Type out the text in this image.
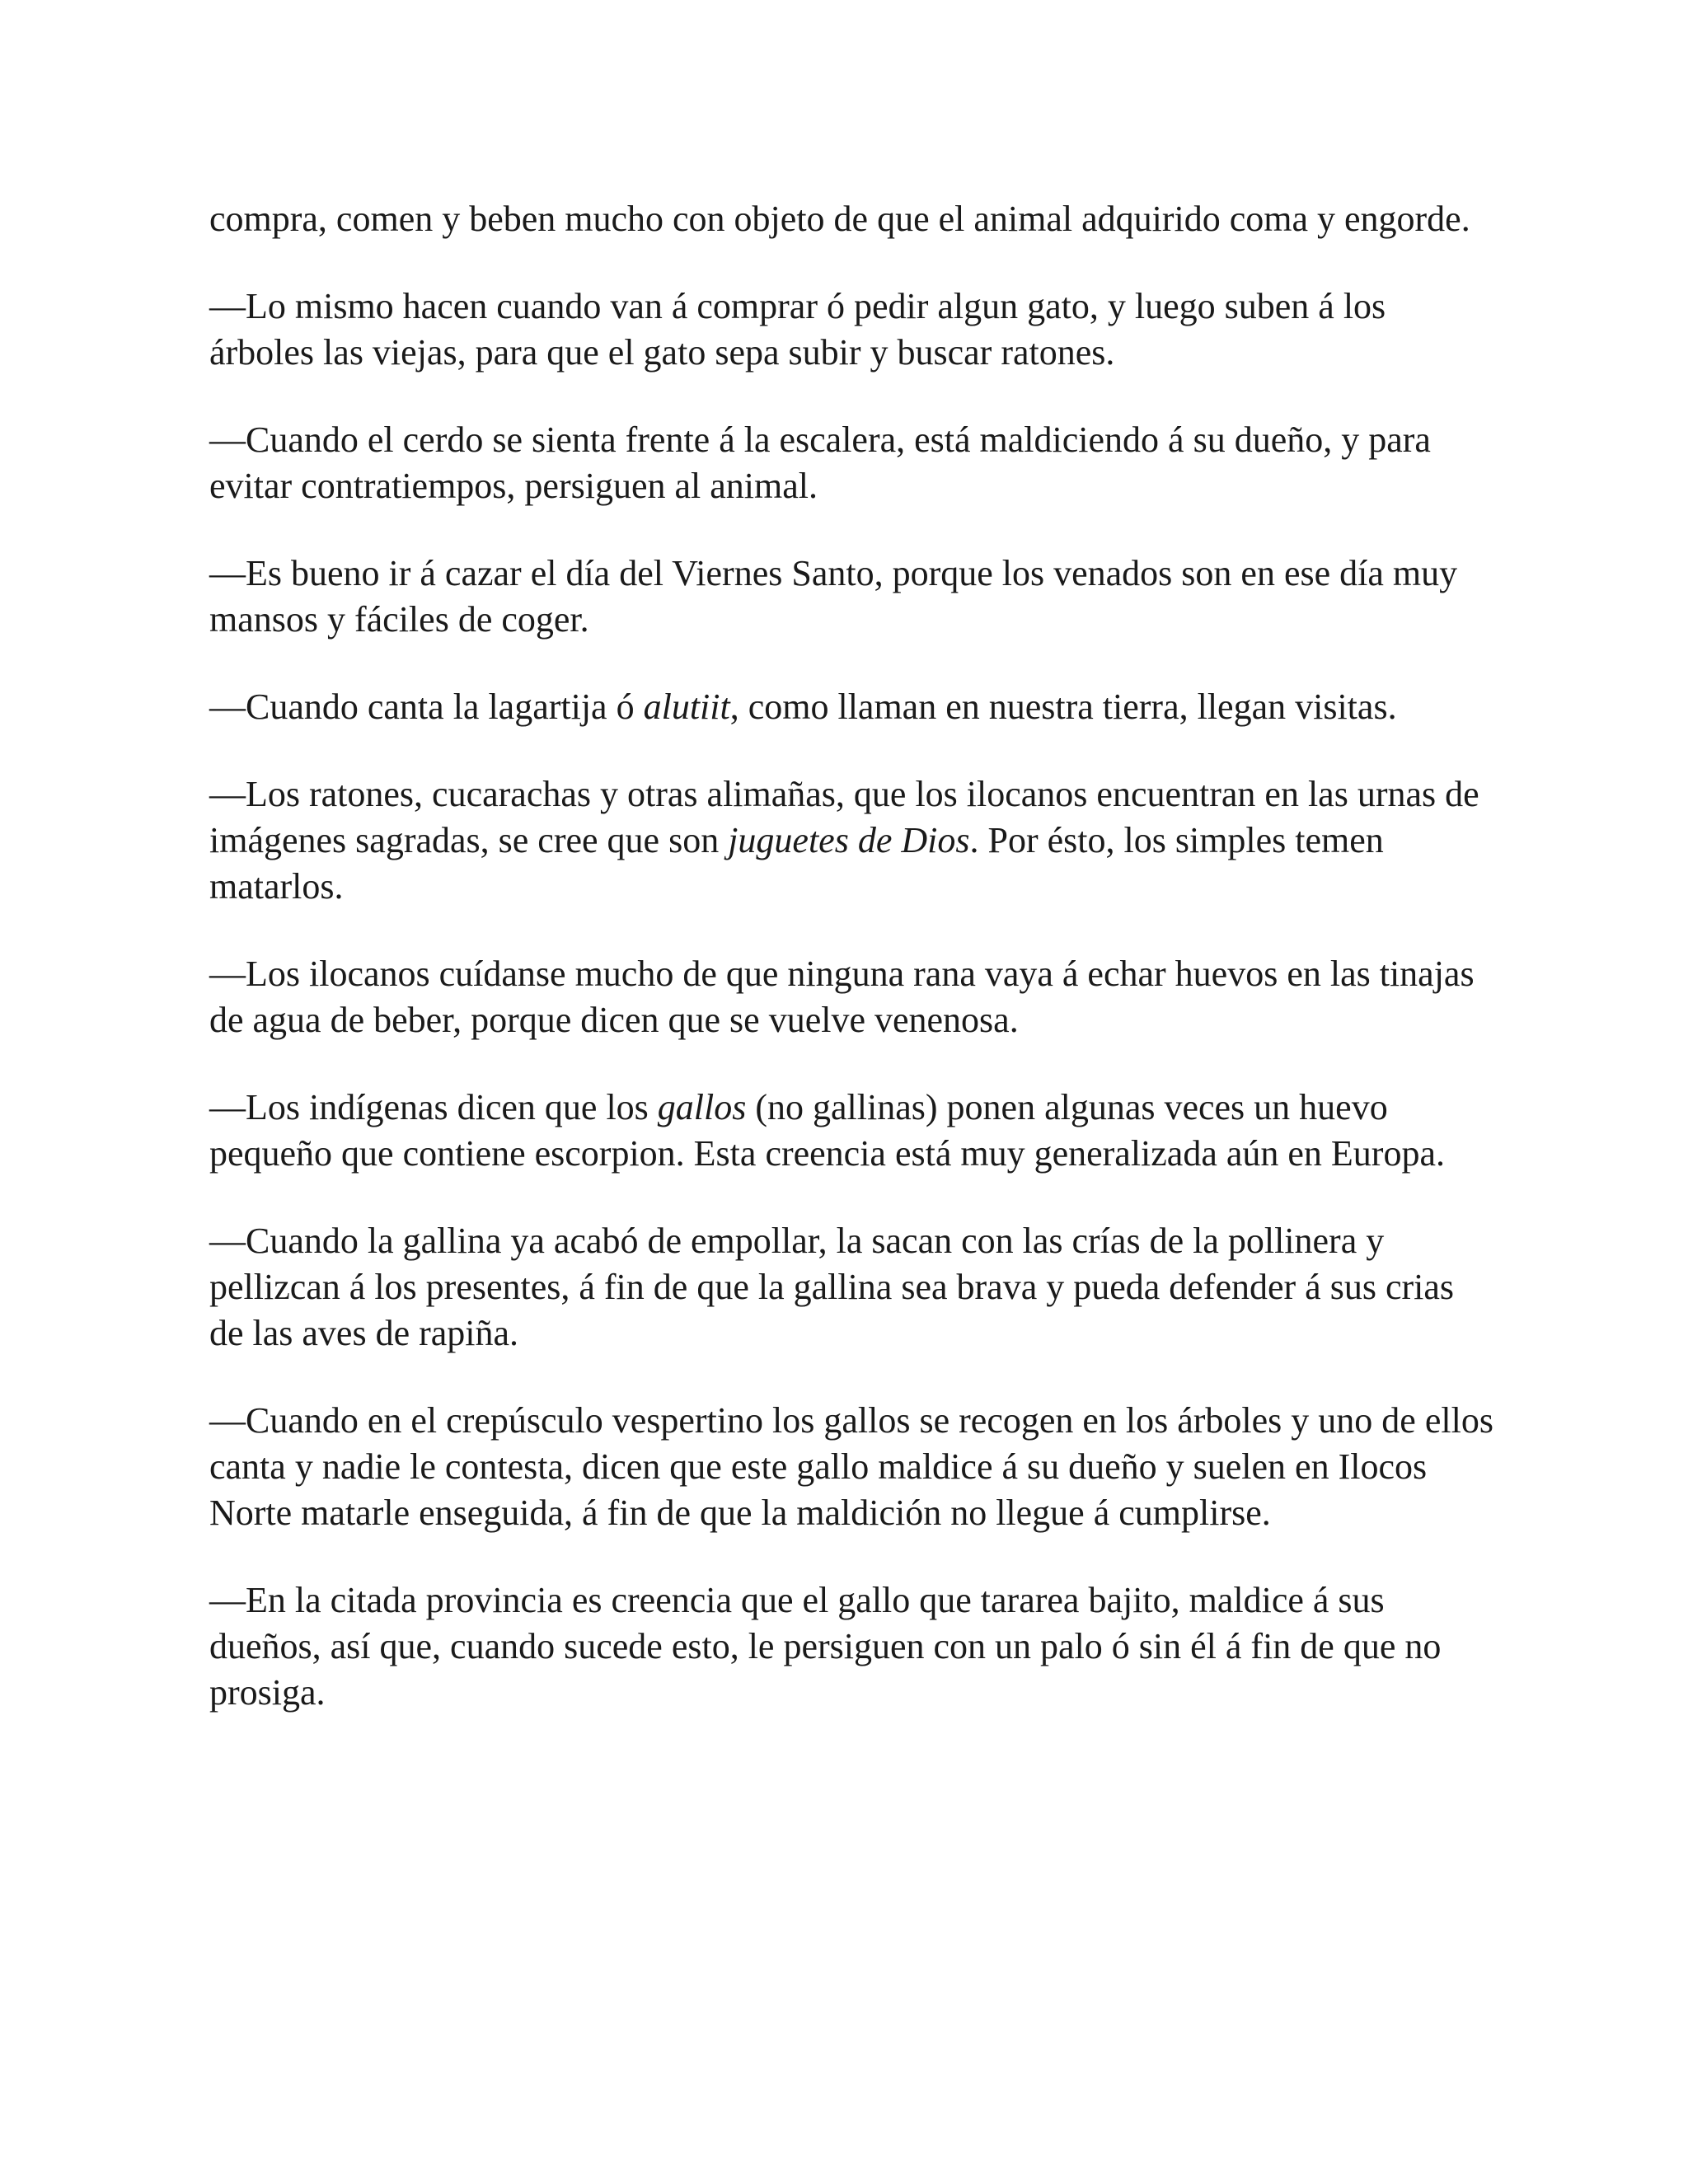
compra, comen y beben mucho con objeto de que el animal adquirido coma y engorde.

—Lo mismo hacen cuando van á comprar ó pedir algun gato, y luego suben á los árboles las viejas, para que el gato sepa subir y buscar ratones.

—Cuando el cerdo se sienta frente á la escalera, está maldiciendo á su dueño, y para evitar contratiempos, persiguen al animal.

—Es bueno ir á cazar el día del Viernes Santo, porque los venados son en ese día muy mansos y fáciles de coger.

—Cuando canta la lagartija ó alutiit, como llaman en nuestra tierra, llegan visitas.

—Los ratones, cucarachas y otras alimañas, que los ilocanos encuentran en las urnas de imágenes sagradas, se cree que son juguetes de Dios. Por ésto, los simples temen matarlos.

—Los ilocanos cuídanse mucho de que ninguna rana vaya á echar huevos en las tinajas de agua de beber, porque dicen que se vuelve venenosa.

—Los indígenas dicen que los gallos (no gallinas) ponen algunas veces un huevo pequeño que contiene escorpion. Esta creencia está muy generalizada aún en Europa.

—Cuando la gallina ya acabó de empollar, la sacan con las crías de la pollinera y pellizcan á los presentes, á fin de que la gallina sea brava y pueda defender á sus crias de las aves de rapiña.

—Cuando en el crepúsculo vespertino los gallos se recogen en los árboles y uno de ellos canta y nadie le contesta, dicen que este gallo maldice á su dueño y suelen en Ilocos Norte matarle enseguida, á fin de que la maldición no llegue á cumplirse.

—En la citada provincia es creencia que el gallo que tararea bajito, maldice á sus dueños, así que, cuando sucede esto, le persiguen con un palo ó sin él á fin de que no prosiga.
